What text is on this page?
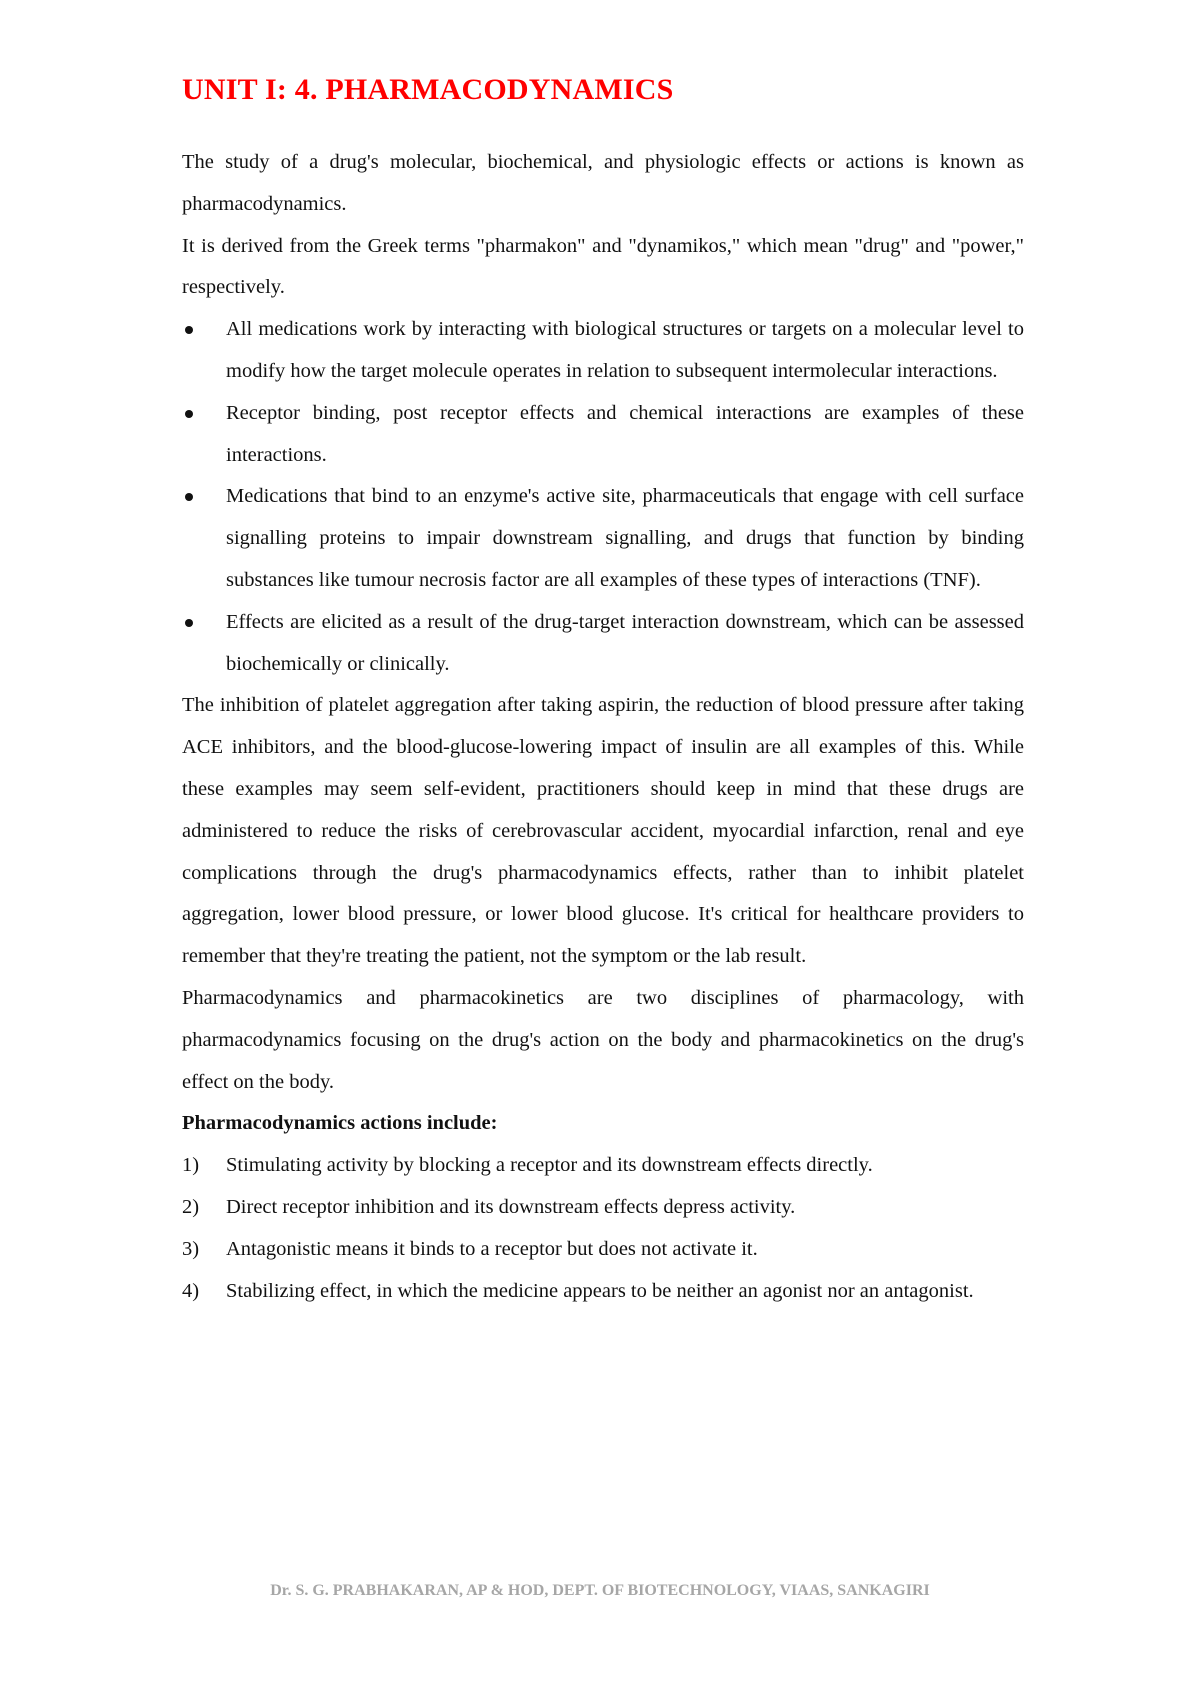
UNIT I: 4. PHARMACODYNAMICS

The study of a drug's molecular, biochemical, and physiologic effects or actions is known as pharmacodynamics.

It is derived from the Greek terms "pharmakon" and "dynamikos," which mean "drug" and "power," respectively.

All medications work by interacting with biological structures or targets on a molecular level to modify how the target molecule operates in relation to subsequent intermolecular interactions.
Receptor binding, post receptor effects and chemical interactions are examples of these interactions.
Medications that bind to an enzyme's active site, pharmaceuticals that engage with cell surface signalling proteins to impair downstream signalling, and drugs that function by binding substances like tumour necrosis factor are all examples of these types of interactions (TNF).
Effects are elicited as a result of the drug-target interaction downstream, which can be assessed biochemically or clinically.

The inhibition of platelet aggregation after taking aspirin, the reduction of blood pressure after taking ACE inhibitors, and the blood-glucose-lowering impact of insulin are all examples of this. While these examples may seem self-evident, practitioners should keep in mind that these drugs are administered to reduce the risks of cerebrovascular accident, myocardial infarction, renal and eye complications through the drug's pharmacodynamics effects, rather than to inhibit platelet aggregation, lower blood pressure, or lower blood glucose. It's critical for healthcare providers to remember that they're treating the patient, not the symptom or the lab result.

Pharmacodynamics and pharmacokinetics are two disciplines of pharmacology, with pharmacodynamics focusing on the drug's action on the body and pharmacokinetics on the drug's effect on the body.

Pharmacodynamics actions include:

1) Stimulating activity by blocking a receptor and its downstream effects directly.
2) Direct receptor inhibition and its downstream effects depress activity.
3) Antagonistic means it binds to a receptor but does not activate it.
4) Stabilizing effect, in which the medicine appears to be neither an agonist nor an antagonist.
Dr. S. G. PRABHAKARAN, AP & HOD, DEPT. OF BIOTECHNOLOGY, VIAAS, SANKAGIRI
